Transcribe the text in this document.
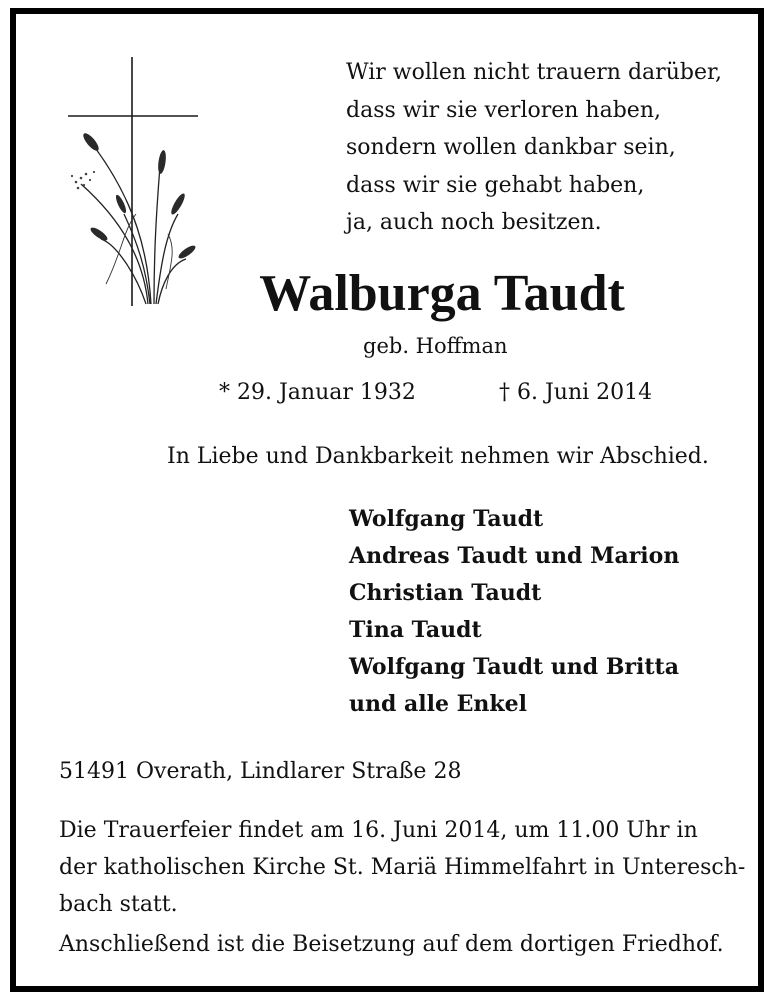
Wir wollen nicht trauern darüber,
dass wir sie verloren haben,
sondern wollen dankbar sein,
dass wir sie gehabt haben,
ja, auch noch besitzen.
Walburga Taudt
geb. Hoffman
* 29. Januar 1932	† 6. Juni 2014
In Liebe und Dankbarkeit nehmen wir Abschied.
Wolfgang Taudt
Andreas Taudt und Marion
Christian Taudt
Tina Taudt
Wolfgang Taudt und Britta
und alle Enkel
51491 Overath, Lindlarer Straße 28
Die Trauerfeier findet am 16. Juni 2014, um 11.00 Uhr in
der katholischen Kirche St. Mariä Himmelfahrt in Unteresch-
bach statt.
Anschließend ist die Beisetzung auf dem dortigen Friedhof.
